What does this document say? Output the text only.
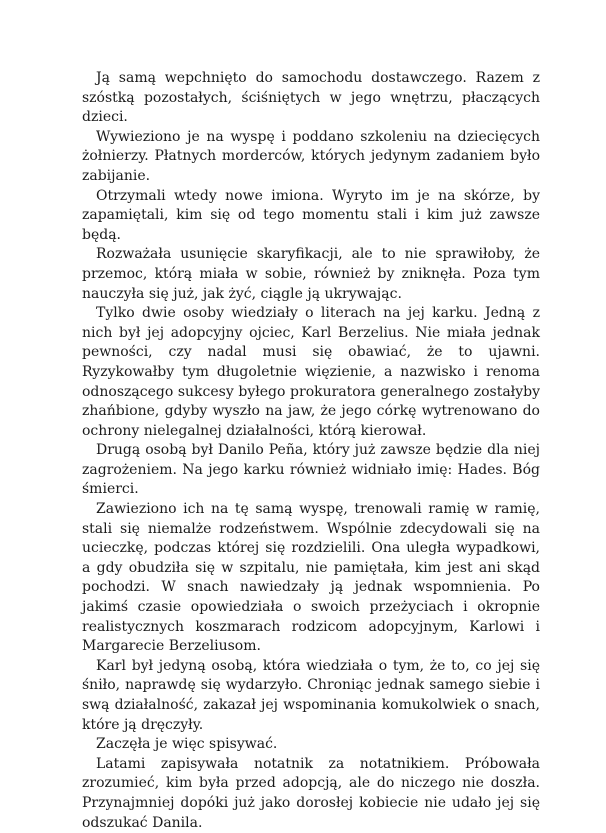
Ją samą wepchnięto do samochodu dostawczego. Razem z szóstką pozostałych, ściśniętych w jego wnętrzu, płaczących dzieci.

Wywieziono je na wyspę i poddano szkoleniu na dziecięcych żołnierzy. Płatnych morderców, których jedynym zadaniem było zabijanie.

Otrzymali wtedy nowe imiona. Wyryto im je na skórze, by zapamiętali, kim się od tego momentu stali i kim już zawsze będą.

Rozważała usunięcie skaryfikacji, ale to nie sprawiłoby, że przemoc, którą miała w sobie, również by zniknęła. Poza tym nauczyła się już, jak żyć, ciągle ją ukrywając.

Tylko dwie osoby wiedziały o literach na jej karku. Jedną z nich był jej adopcyjny ojciec, Karl Berzelius. Nie miała jednak pewności, czy nadal musi się obawiać, że to ujawni. Ryzykowałby tym długoletnie więzienie, a nazwisko i renoma odnoszącego sukcesy byłego prokuratora generalnego zostałyby zhańbione, gdyby wyszło na jaw, że jego córkę wytrenowano do ochrony nielegalnej działalności, którą kierował.

Drugą osobą był Danilo Peña, który już zawsze będzie dla niej zagrożeniem. Na jego karku również widniało imię: Hades. Bóg śmierci.

Zawieziono ich na tę samą wyspę, trenowali ramię w ramię, stali się niemalże rodzeństwem. Wspólnie zdecydowali się na ucieczkę, podczas której się rozdzielili. Ona uległa wypadkowi, a gdy obudziła się w szpitalu, nie pamiętała, kim jest ani skąd pochodzi. W snach nawiedzały ją jednak wspomnienia. Po jakimś czasie opowiedziała o swoich przeżyciach i okropnie realistycznych koszmarach rodzicom adopcyjnym, Karlowi i Margarecie Berzeliusom.

Karl był jedyną osobą, która wiedziała o tym, że to, co jej się śniło, naprawdę się wydarzyło. Chroniąc jednak samego siebie i swą działalność, zakazał jej wspominania komukolwiek o snach, które ją dręczyły.

Zaczęła je więc spisywać.

Latami zapisywała notatnik za notatnikiem. Próbowała zrozumieć, kim była przed adopcją, ale do niczego nie doszła. Przynajmniej dopóki już jako dorosłej kobiecie nie udało jej się odszukać Danila.
